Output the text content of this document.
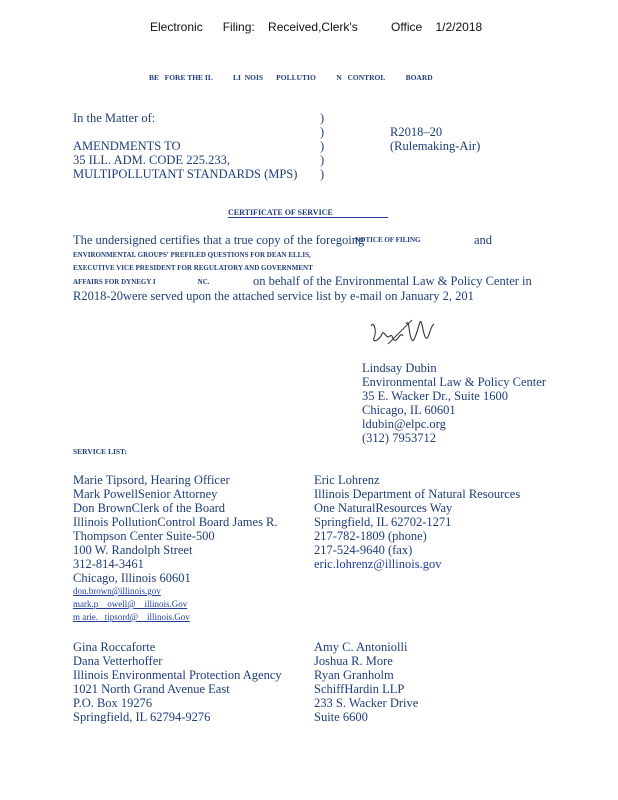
Electronic      Filing:    Received,Clerk's          Office    1/2/2018
BE   FORE THE IL           LI  NOIS       POLLUTIO           N   CONTROL           BOARD
In the Matter of:
AMENDMENTS TO
35 ILL. ADM. CODE 225.233,
MULTIPOLLUTANT STANDARDS (MPS)
)
)
)
)
)
R2018–20
(Rulemaking-Air)
CERTIFICATE OF SERVICE
The undersigned certifies that a true copy of the foregoing
NOTICE OF FILING	and
ENVIRONMENTAL GROUPS' PREFILED QUESTIONS FOR DEAN ELLIS,
EXECUTIVE VICE PRESIDENT FOR REGULATORY AND GOVERNMENT
AFFAIRS FOR DYNEGY I                        NC.	on behalf of the Environmental Law & Policy Center in
R2018-20were served upon the attached service list by e-mail on January 2, 201
Lindsay Dubin
Environmental Law & Policy Center
35 E. Wacker Dr., Suite 1600
Chicago, IL 60601
ldubin@elpc.org
(312) 7953712
SERVICE LIST:
Marie Tipsord, Hearing Officer
Mark PowellSenior Attorney
Don BrownClerk of the Board
Illinois PollutionControl Board James R.
Thompson Center Suite-500
100 W. Randolph Street
312-814-3461
Chicago, Illinois 60601
don.brown@illinois.gov
mark.p    owell@    illinois.Gov
m arie.   tipsord@    illinois.Gov
Eric Lohrenz
Illinois Department of Natural Resources
One NaturalResources Way
Springfield, IL 62702-1271
217-782-1809 (phone)
217-524-9640 (fax)
eric.lohrenz@illinois.gov
Gina Roccaforte
Dana Vetterhoffer
Illinois Environmental Protection Agency
1021 North Grand Avenue East
P.O. Box 19276
Springfield, IL 62794-9276
Amy C. Antoniolli
Joshua R. More
Ryan Granholm
SchiffHardin LLP
233 S. Wacker Drive
Suite 6600
